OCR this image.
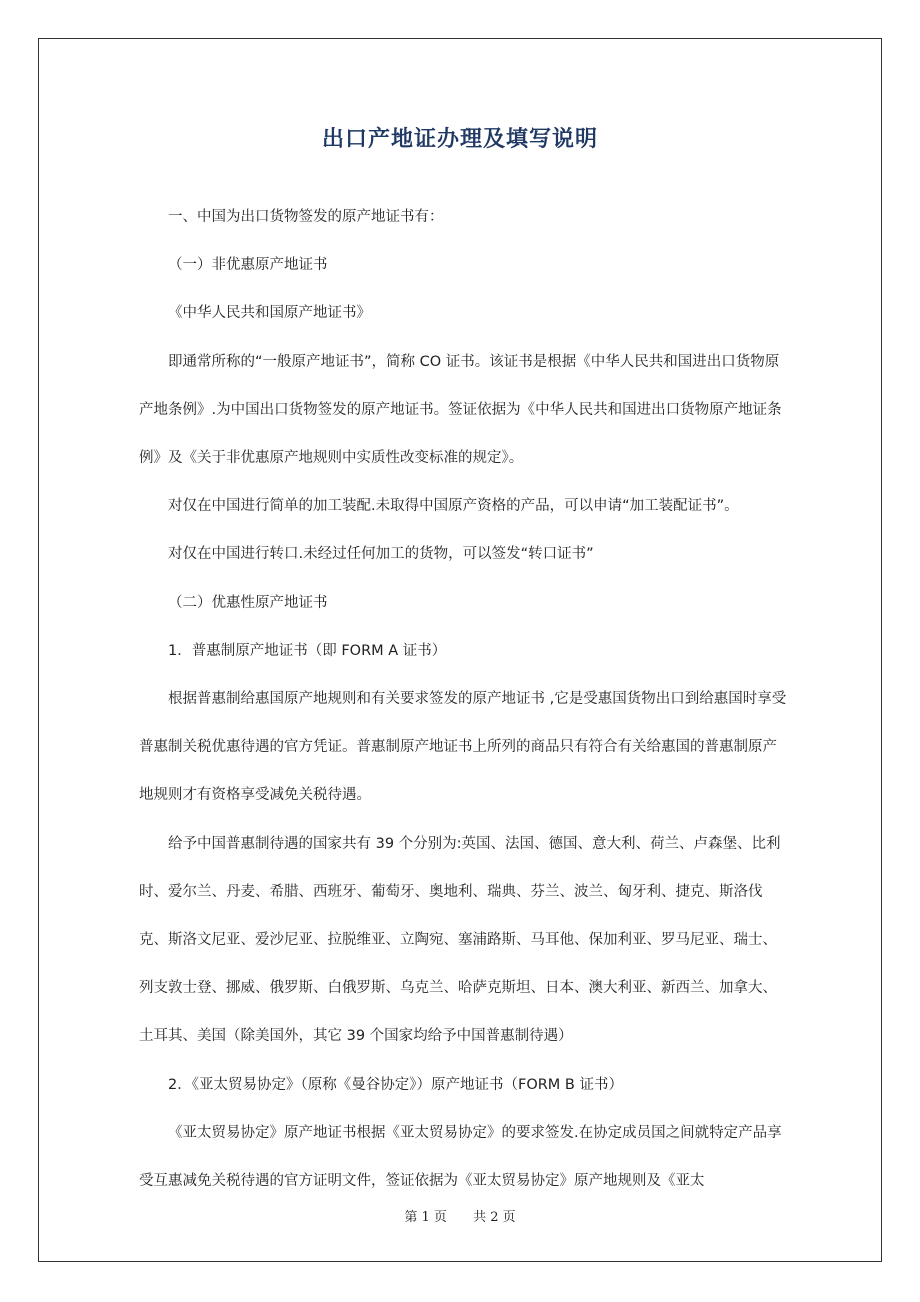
出口产地证办理及填写说明

一、中国为出口货物签发的原产地证书有：

（一）非优惠原产地证书

《中华人民共和国原产地证书》

即通常所称的“一般原产地证书”，简称 CO 证书。该证书是根据《中华人民共和国进出口货物原产地条例》.为中国出口货物签发的原产地证书。签证依据为《中华人民共和国进出口货物原产地证条例》及《关于非优惠原产地规则中实质性改变标准的规定》。

对仅在中国进行简单的加工装配.未取得中国原产资格的产品，可以申请“加工装配证书”。

对仅在中国进行转口.未经过任何加工的货物，可以签发“转口证书”

（二）优惠性原产地证书

1．普惠制原产地证书（即 FORM A 证书）

根据普惠制给惠国原产地规则和有关要求签发的原产地证书 ,它是受惠国货物出口到给惠国时享受普惠制关税优惠待遇的官方凭证。普惠制原产地证书上所列的商品只有符合有关给惠国的普惠制原产地规则才有资格享受减免关税待遇。

给予中国普惠制待遇的国家共有 39 个分别为:英国、法国、德国、意大利、荷兰、卢森堡、比利时、爱尔兰、丹麦、希腊、西班牙、葡萄牙、奥地利、瑞典、芬兰、波兰、匈牙利、捷克、斯洛伐克、斯洛文尼亚、爱沙尼亚、拉脱维亚、立陶宛、塞浦路斯、马耳他、保加利亚、罗马尼亚、瑞士、列支敦士登、挪威、俄罗斯、白俄罗斯、乌克兰、哈萨克斯坦、日本、澳大利亚、新西兰、加拿大、土耳其、美国（除美国外，其它 39 个国家均给予中国普惠制待遇）

2．《亚太贸易协定》（原称《曼谷协定》）原产地证书（FORM B 证书）

《亚太贸易协定》原产地证书根据《亚太贸易协定》的要求签发.在协定成员国之间就特定产品享受互惠减免关税待遇的官方证明文件，签证依据为《亚太贸易协定》原产地规则及《亚太

第 1 页 共 2 页
